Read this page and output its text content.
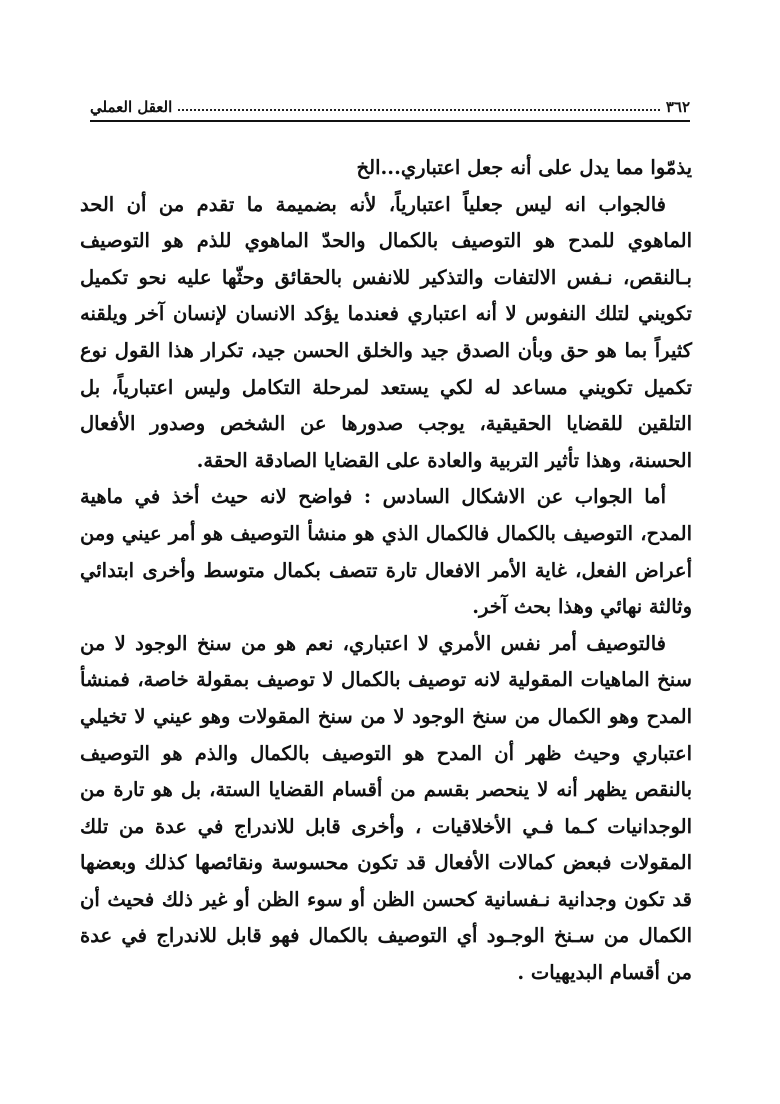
٣٦٢
العقل العملي

يذمّوا مما يدل على أنه جعل اعتباري...الخ

فالجواب انه ليس جعلياً اعتبارياً، لأنه بضميمة ما تقدم من أن الحد الماهوي للمدح هو التوصيف بالكمال والحدّ الماهوي للذم هو التوصيف بـالنقص، نـفس الالتفات والتذكير للانفس بالحقائق وحثّها عليه نحو تكميل تكويني لتلك النفوس لا أنه اعتباري فعندما يؤكد الانسان لإنسان آخر ويلقنه كثيراً بما هو حق وبأن الصدق جيد والخلق الحسن جيد، تكرار هذا القول نوع تكميل تكويني مساعد له لكي يستعد لمرحلة التكامل وليس اعتبارياً، بل التلقين للقضايا الحقيقية، يوجب صدورها عن الشخص وصدور الأفعال الحسنة، وهذا تأثير التربية والعادة على القضايا الصادقة الحقة.

أما الجواب عن الاشكال السادس : فواضح لانه حيث أخذ في ماهية المدح، التوصيف بالكمال فالكمال الذي هو منشأ التوصيف هو أمر عيني ومن أعراض الفعل، غاية الأمر الافعال تارة تتصف بكمال متوسط وأخرى ابتدائي وثالثة نهائي وهذا بحث آخر.

فالتوصيف أمر نفس الأمري لا اعتباري، نعم هو من سنخ الوجود لا من سنخ الماهيات المقولية لانه توصيف بالكمال لا توصيف بمقولة خاصة، فمنشأ المدح وهو الكمال من سنخ الوجود لا من سنخ المقولات وهو عيني لا تخيلي اعتباري وحيث ظهر أن المدح هو التوصيف بالكمال والذم هو التوصيف بالنقص يظهر أنه لا ينحصر بقسم من أقسام القضايا الستة، بل هو تارة من الوجدانيات كـما فـي الأخلاقيات ، وأخرى قابل للاندراج في عدة من تلك المقولات فبعض كمالات الأفعال قد تكون محسوسة ونقائصها كذلك وبعضها قد تكون وجدانية نـفسانية كحسن الظن أو سوء الظن أو غير ذلك فحيث أن الكمال من سـنخ الوجـود أي التوصيف بالكمال فهو قابل للاندراج في عدة من أقسام البديهيات .
